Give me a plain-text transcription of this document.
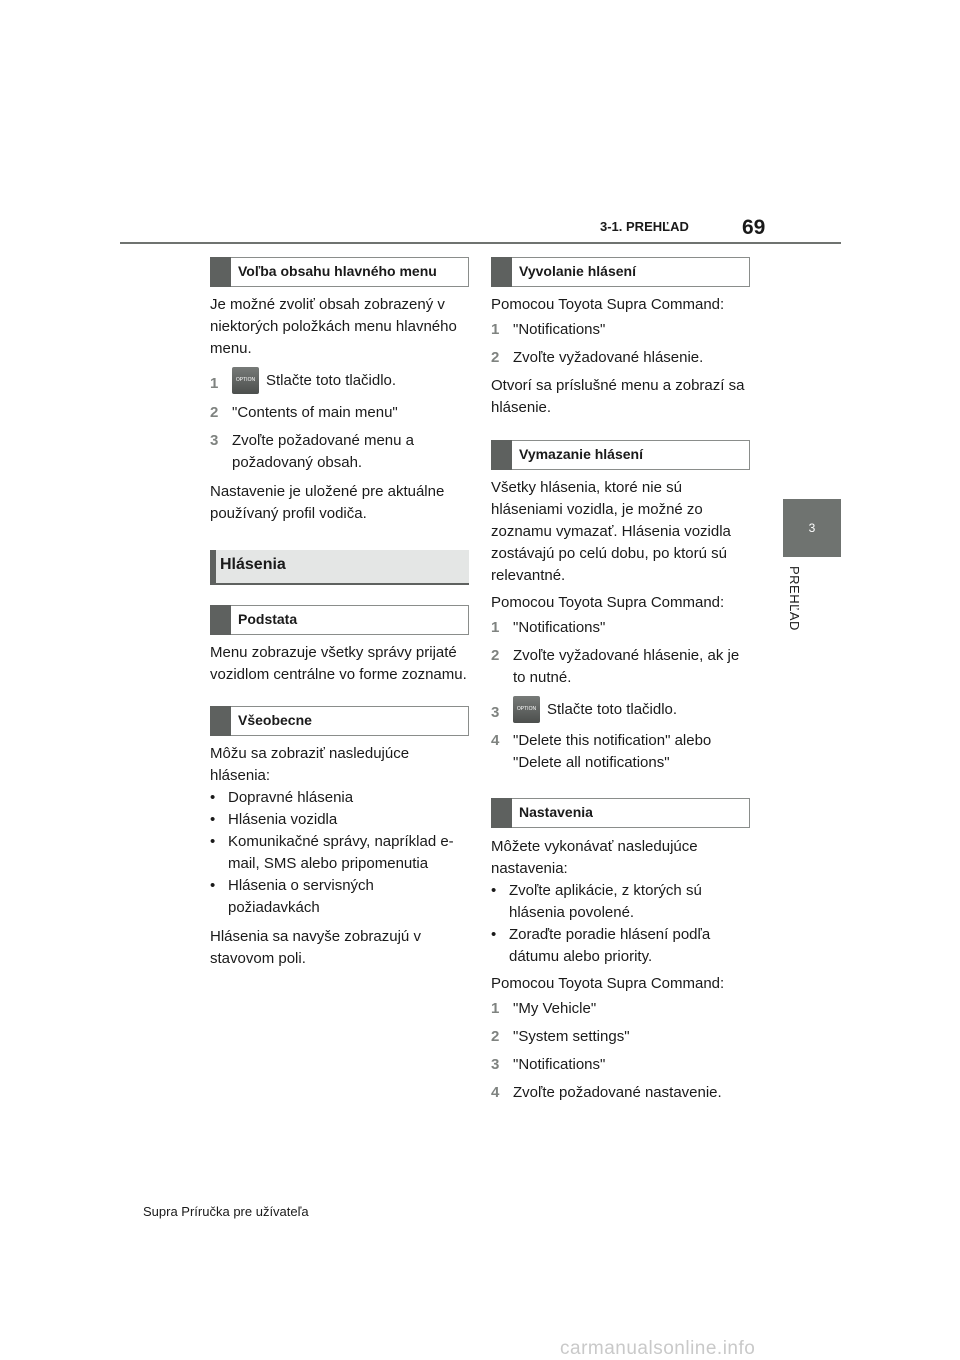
3-1. PREHĽAD	69
3
PREHĽAD
Voľba obsahu hlavného menu

Je možné zvoliť obsah zobrazený v niektorých položkách menu hlavného menu.

1	OPTION Stlačte toto tlačidlo.
2 "Contents of main menu"
3 Zvoľte požadované menu a požadovaný obsah.

Nastavenie je uložené pre aktuálne používaný profil vodiča.

Hlásenia
Podstata

Menu zobrazuje všetky správy prijaté vozidlom centrálne vo forme zoznamu.

Všeobecne

Môžu sa zobraziť nasledujúce hlásenia:

• Dopravné hlásenia
• Hlásenia vozidla
• Komunikačné správy, napríklad e-mail, SMS alebo pripomenutia
• Hlásenia o servisných požiadavkách

Hlásenia sa navyše zobrazujú v stavovom poli.

Vyvolanie hlásení

Pomocou Toyota Supra Command:

1 "Notifications"
2 Zvoľte vyžadované hlásenie.

Otvorí sa príslušné menu a zobrazí sa hlásenie.

Vymazanie hlásení

Všetky hlásenia, ktoré nie sú hláseniami vozidla, je možné zo zoznamu vymazať. Hlásenia vozidla zostávajú po celú dobu, po ktorú sú relevantné.

Pomocou Toyota Supra Command:

1 "Notifications"
2 Zvoľte vyžadované hlásenie, ak je to nutné.
3	OPTION Stlačte toto tlačidlo.
4 "Delete this notification" alebo "Delete all notifications"
Nastavenia

Môžete vykonávať nasledujúce nastavenia:

• Zvoľte aplikácie, z ktorých sú hlásenia povolené.
• Zoraďte poradie hlásení podľa dátumu alebo priority.

Pomocou Toyota Supra Command:

1 "My Vehicle"
2 "System settings"
3 "Notifications"
4 Zvoľte požadované nastavenie.
Supra Príručka pre užívateľa
carmanualsonline.info
